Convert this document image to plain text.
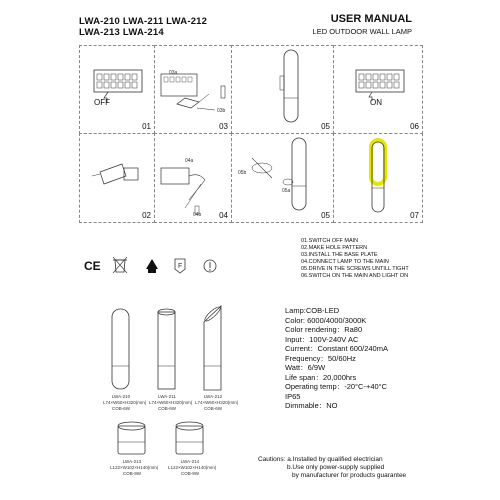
LWA-210 LWA-211 LWA-212
LWA-213 LWA-214
USER MANUAL
LED OUTDOOR WALL LAMP
OFF
01
03a
03b
03	05
ON
06
02
04a
04b 04
05b
05a
05	07
01.SWITCH OFF MAIN
02.MAKE HOLE PATTERN
03.INSTALL THE BASE PLATE
04.CONNECT LAMP TO THE MAIN
05.DRIVE IN THE SCREWS UNTILL TIGHT
06.SWITCH ON THE MAIN AND LIGHT ON
CE	F
LWA-210
L74×W60×H320(mm)
COB-6W
LWA-211
L74×W60×H320(mm)
COB-6W
LWA-212
L74×W60×H320(mm)
COB-6W
LWA-213
L122×W102×H140(mm)
COB-9W
LWA-214
L122×W102×H140(mm)
COB-9W
Lamp:COB-LED
Color: 6000/4000/3000K
Color rendering：Ra80
Input：100V-240V AC
Current：Constant 600/240mA
Frequency：50/60Hz
Watt：6/9W
Life span：20,000hrs
Operating temp：-20°C-+40°C
IP65
Dimmable：NO
Cautions: a.Installed by qualified electrician
b.Use only power-supply supplied
by manufacturer for products guarantee
